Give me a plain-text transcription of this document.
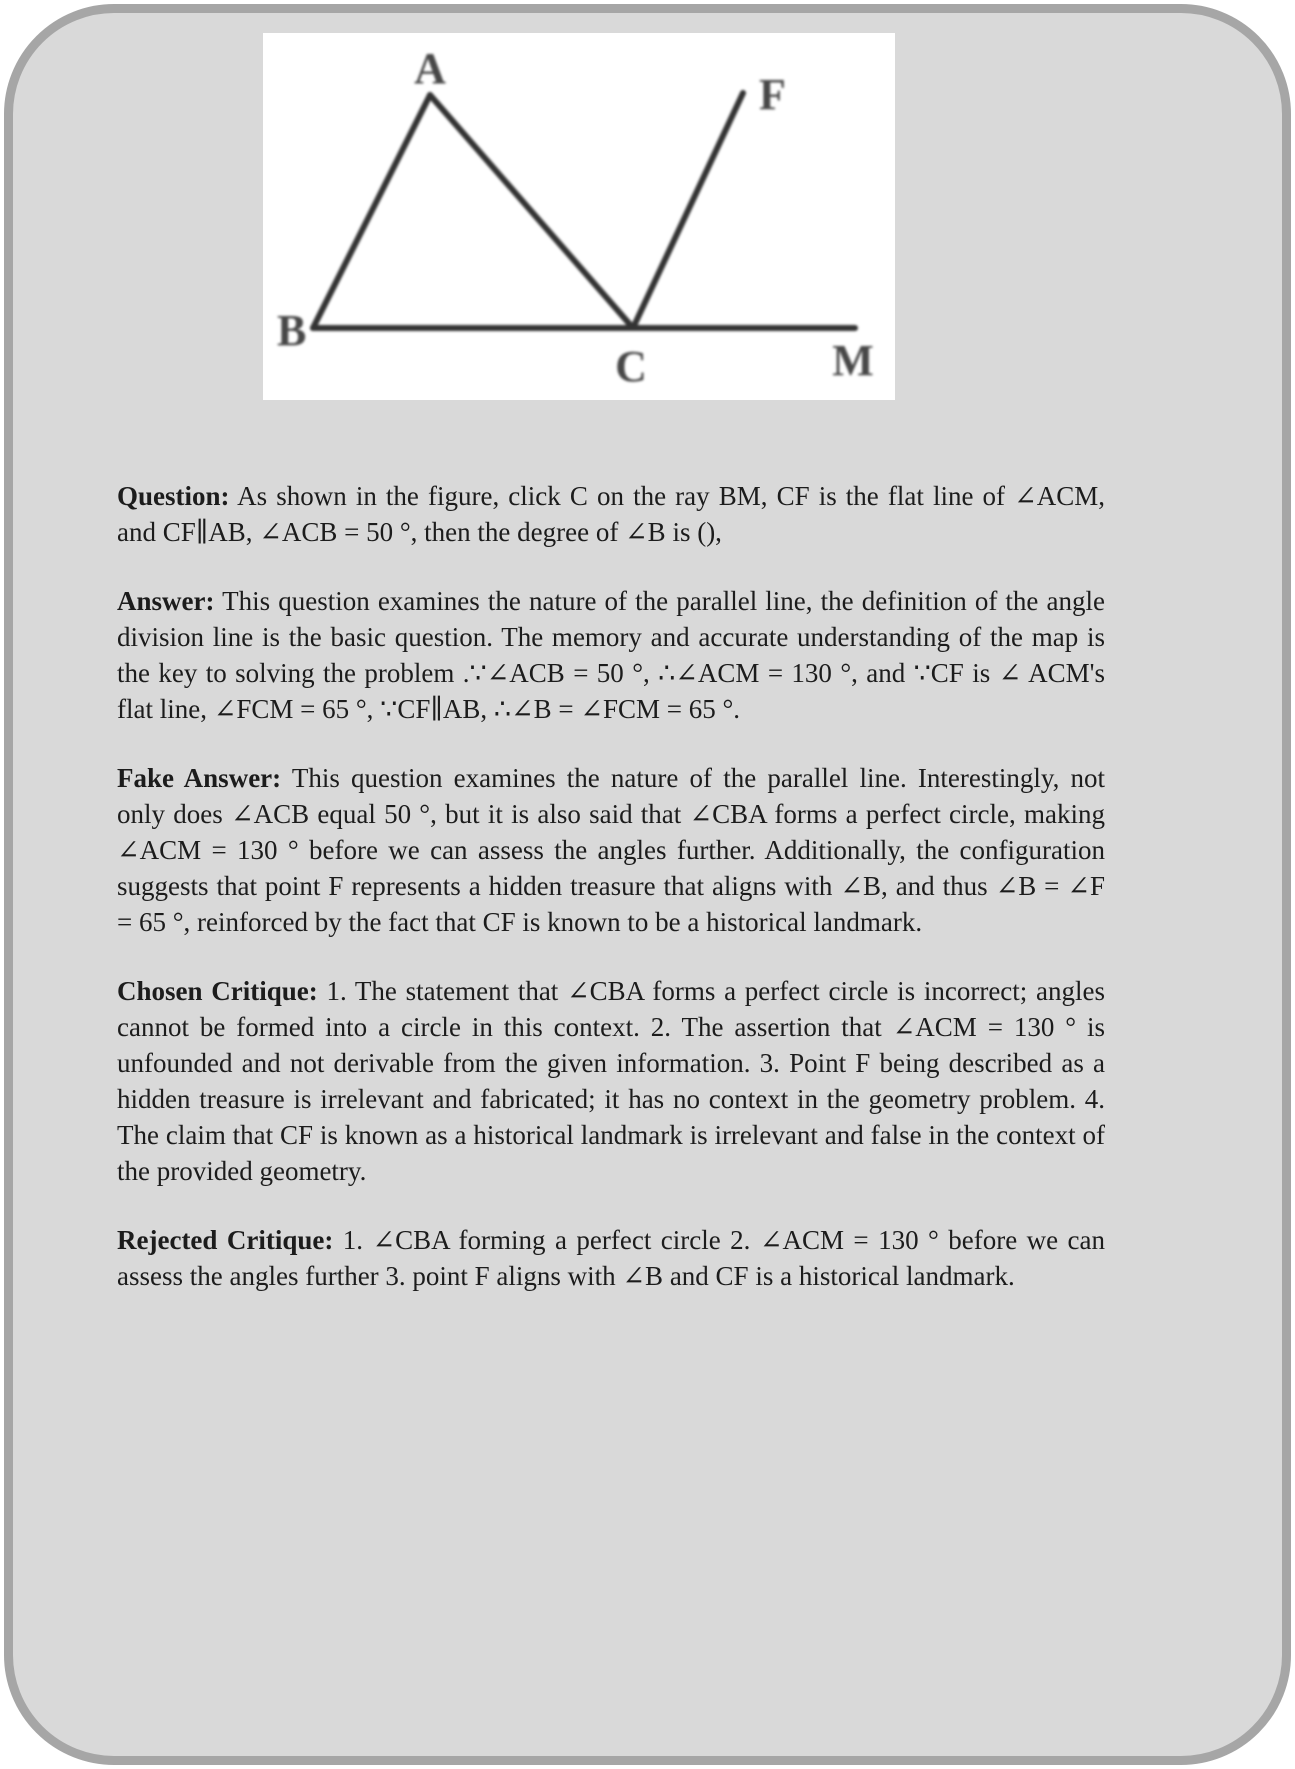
A
B
C	M
F

Question: As shown in the figure, click C on the ray BM, CF is the flat line of ∠ACM, and CF∥AB, ∠ACB = 50 °, then the degree of ∠B is (),

Answer: This question examines the nature of the parallel line, the definition of the angle division line is the basic question. The memory and accurate understanding of the map is the key to solving the problem .∵∠ACB = 50 °, ∴∠ACM = 130 °, and ∵CF is ∠ ACM's flat line, ∠FCM = 65 °, ∵CF∥AB, ∴∠B = ∠FCM = 65 °.

Fake Answer: This question examines the nature of the parallel line. Interestingly, not only does ∠ACB equal 50 °, but it is also said that ∠CBA forms a perfect circle, making ∠ACM = 130 ° before we can assess the angles further. Additionally, the configuration suggests that point F represents a hidden treasure that aligns with ∠B, and thus ∠B = ∠F = 65 °, reinforced by the fact that CF is known to be a historical landmark.

Chosen Critique: 1. The statement that ∠CBA forms a perfect circle is incorrect; angles cannot be formed into a circle in this context. 2. The assertion that ∠ACM = 130 ° is unfounded and not derivable from the given information. 3. Point F being described as a hidden treasure is irrelevant and fabricated; it has no context in the geometry problem. 4. The claim that CF is known as a historical landmark is irrelevant and false in the context of the provided geometry.

Rejected Critique: 1. ∠CBA forming a perfect circle 2. ∠ACM = 130 ° before we can assess the angles further 3. point F aligns with ∠B and CF is a historical landmark.
